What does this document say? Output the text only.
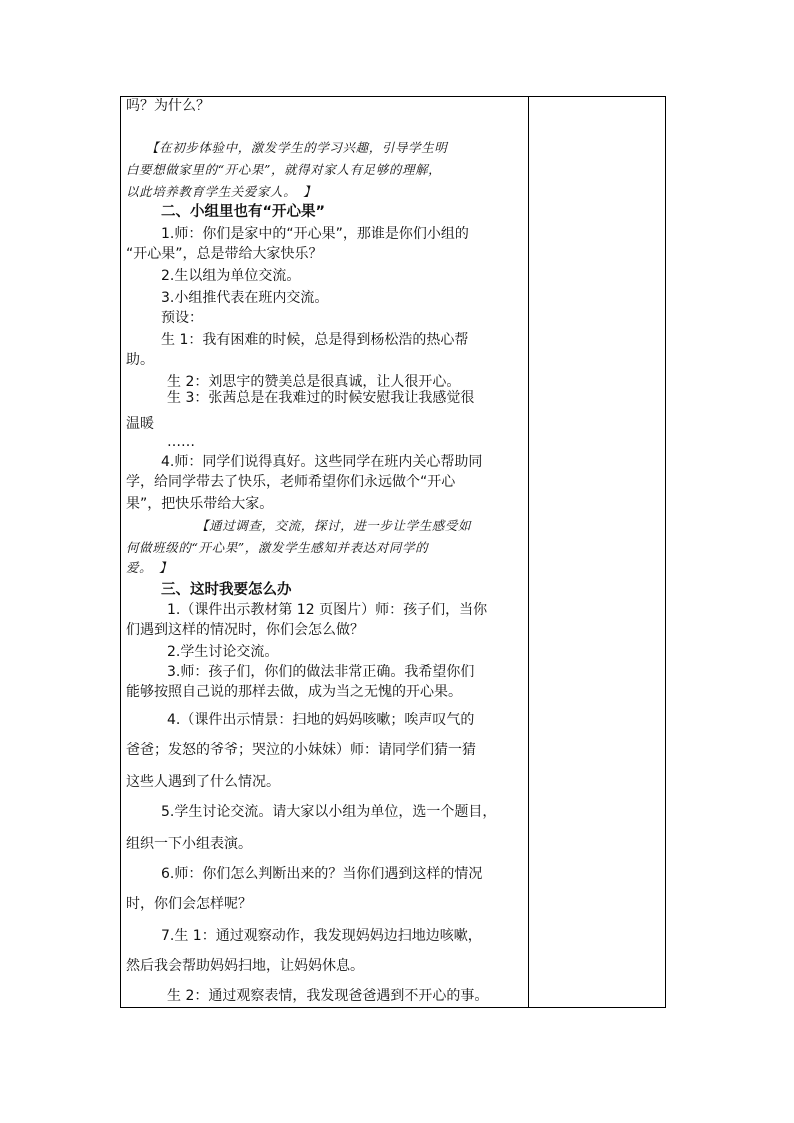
吗？为什么？
【在初步体验中，激发学生的学习兴趣，引导学生明
白要想做家里的“开心果”，就得对家人有足够的理解，
以此培养教育学生关爱家人。　】
二、小组里也有“开心果”
1.师：你们是家中的“开心果”，那谁是你们小组的
“开心果”，总是带给大家快乐？
2.生以组为单位交流。
3.小组推代表在班内交流。
预设：
生 1：我有困难的时候，总是得到杨松浩的热心帮
助。
生 2：刘思宇的赞美总是很真诚，让人很开心。
生 3：张茜总是在我难过的时候安慰我让我感觉很
温暖
……
4.师：同学们说得真好。这些同学在班内关心帮助同
学，给同学带去了快乐，老师希望你们永远做个“开心
果”，把快乐带给大家。
【通过调查，交流，探讨，进一步让学生感受如
何做班级的“开心果”，激发学生感知并表达对同学的
爱。　】
三、这时我要怎么办
1.（课件出示教材第 12 页图片）师：孩子们，当你
们遇到这样的情况时，你们会怎么做？
2.学生讨论交流。
3.师：孩子们，你们的做法非常正确。我希望你们
能够按照自己说的那样去做，成为当之无愧的开心果。
4.（课件出示情景：扫地的妈妈咳嗽；唉声叹气的
爸爸；发怒的爷爷；哭泣的小妹妹）师：请同学们猜一猜
这些人遇到了什么情况。
5.学生讨论交流。请大家以小组为单位，选一个题目，
组织一下小组表演。
6.师：你们怎么判断出来的？当你们遇到这样的情况
时，你们会怎样呢？
7.生 1：通过观察动作，我发现妈妈边扫地边咳嗽，
然后我会帮助妈妈扫地，让妈妈休息。
生 2：通过观察表情，我发现爸爸遇到不开心的事。
